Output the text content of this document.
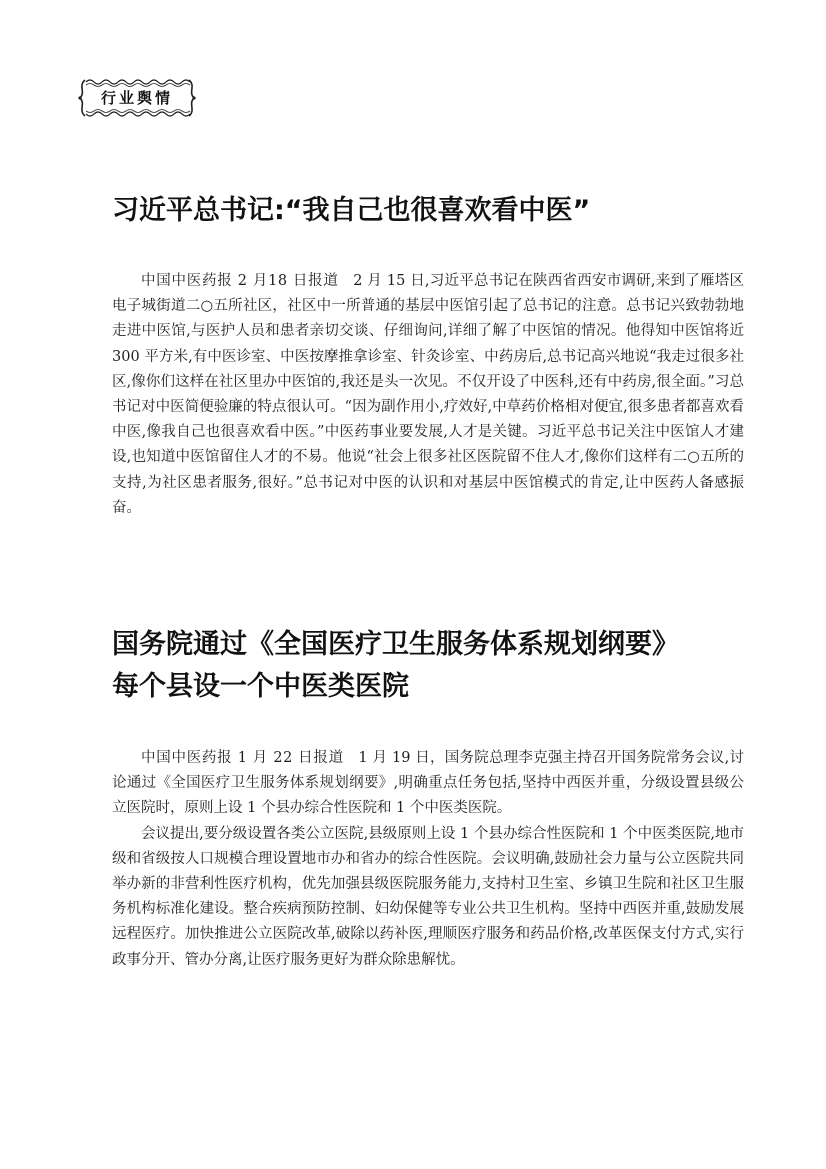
行业舆情
习近平总书记:“我自己也很喜欢看中医”

中国中医药报 2 月18 日报道 2 月 15 日,习近平总书记在陕西省西安市调研,来到了雁塔区电子城街道二○五所社区，社区中一所普通的基层中医馆引起了总书记的注意。总书记兴致勃勃地走进中医馆,与医护人员和患者亲切交谈、仔细询问,详细了解了中医馆的情况。他得知中医馆将近 300 平方米,有中医诊室、中医按摩推拿诊室、针灸诊室、中药房后,总书记高兴地说“我走过很多社区,像你们这样在社区里办中医馆的,我还是头一次见。不仅开设了中医科,还有中药房,很全面。”习总书记对中医简便验廉的特点很认可。“因为副作用小,疗效好,中草药价格相对便宜,很多患者都喜欢看中医,像我自己也很喜欢看中医。”中医药事业要发展,人才是关键。习近平总书记关注中医馆人才建设,也知道中医馆留住人才的不易。他说“社会上很多社区医院留不住人才,像你们这样有二○五所的支持,为社区患者服务,很好。”总书记对中医的认识和对基层中医馆模式的肯定,让中医药人备感振奋。

国务院通过《全国医疗卫生服务体系规划纲要》
每个县设一个中医类医院

中国中医药报 1 月 22 日报道 1 月 19 日，国务院总理李克强主持召开国务院常务会议,讨论通过《全国医疗卫生服务体系规划纲要》,明确重点任务包括,坚持中西医并重，分级设置县级公立医院时，原则上设 1 个县办综合性医院和 1 个中医类医院。

会议提出,要分级设置各类公立医院,县级原则上设 1 个县办综合性医院和 1 个中医类医院,地市级和省级按人口规模合理设置地市办和省办的综合性医院。会议明确,鼓励社会力量与公立医院共同举办新的非营利性医疗机构，优先加强县级医院服务能力,支持村卫生室、乡镇卫生院和社区卫生服务机构标准化建设。整合疾病预防控制、妇幼保健等专业公共卫生机构。坚持中西医并重,鼓励发展远程医疗。加快推进公立医院改革,破除以药补医,理顺医疗服务和药品价格,改革医保支付方式,实行政事分开、管办分离,让医疗服务更好为群众除患解忧。
